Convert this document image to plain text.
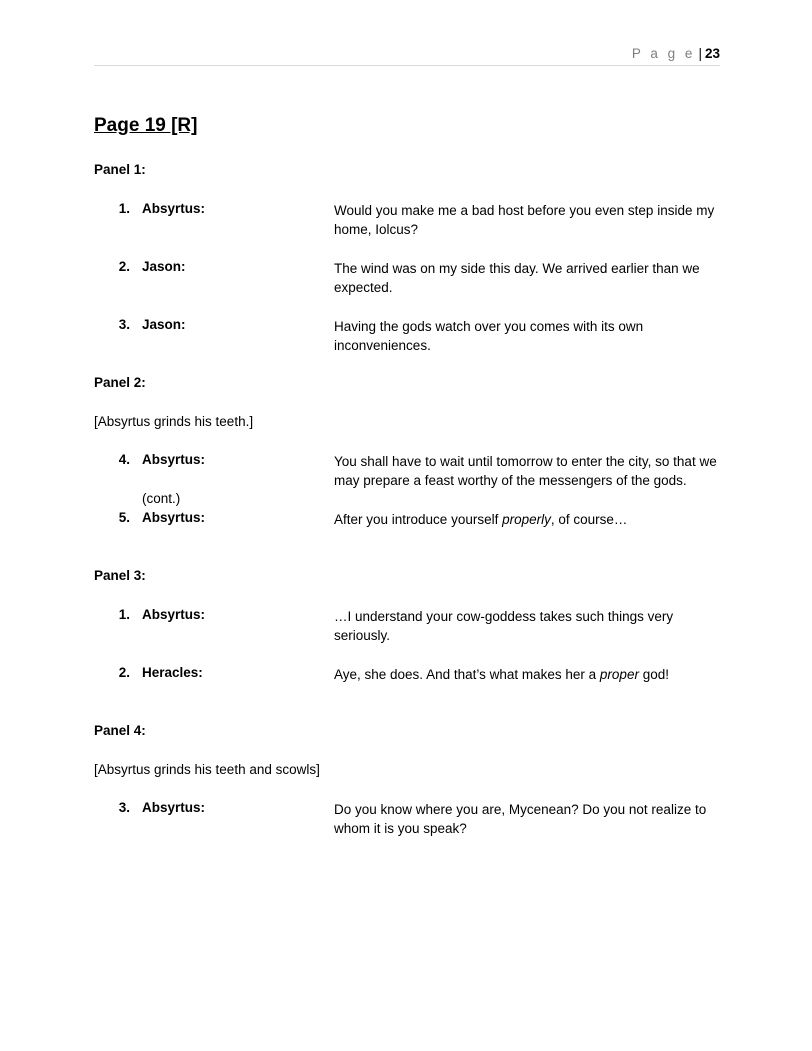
P a g e | 23
Page 19 [R]
Panel 1:
1. Absyrtus:	Would you make me a bad host before you even step inside my home, Iolcus?
2. Jason:	The wind was on my side this day. We arrived earlier than we expected.
3. Jason:	Having the gods watch over you comes with its own inconveniences.
Panel 2:
[Absyrtus grinds his teeth.]
4. Absyrtus:	You shall have to wait until tomorrow to enter the city, so that we may prepare a feast worthy of the messengers of the gods.
(cont.)
5. Absyrtus:	After you introduce yourself properly, of course…
Panel 3:
1. Absyrtus:	…I understand your cow-goddess takes such things very seriously.
2. Heracles:	Aye, she does. And that’s what makes her a proper god!
Panel 4:
[Absyrtus grinds his teeth and scowls]
3. Absyrtus:	Do you know where you are, Mycenean? Do you not realize to whom it is you speak?
